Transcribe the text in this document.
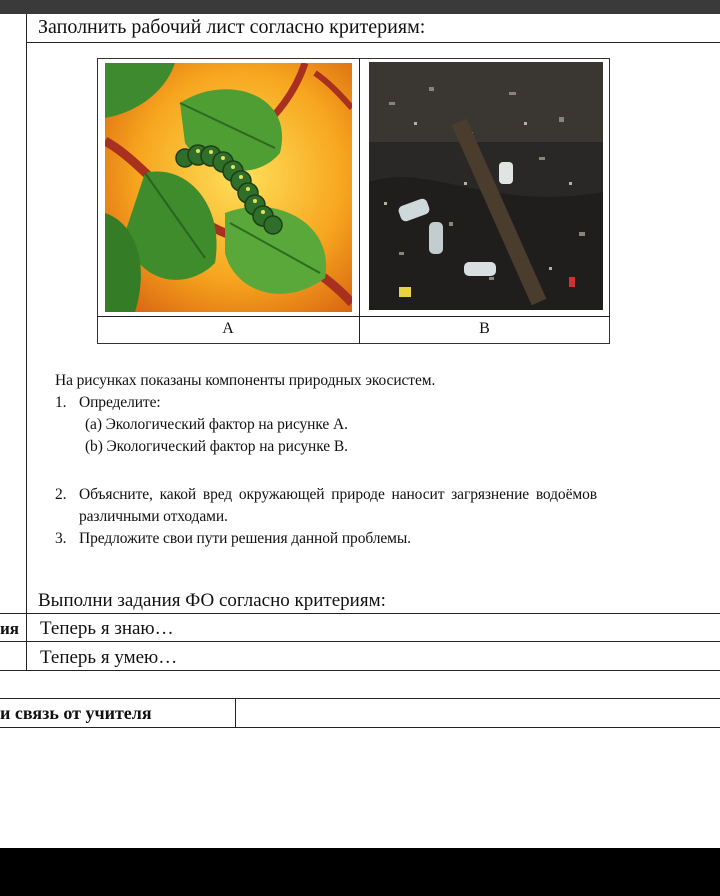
Заполнить рабочий лист согласно критериям:
A	B
На рисунках показаны компоненты природных экосистем.
1. Определите:
(a) Экологический фактор на рисунке А.
(b) Экологический фактор на рисунке В.
2. Объясните, какой вред окружающей природе наносит загрязнение водоёмов
различными отходами.
3. Предложите свои пути решения данной проблемы.
Выполни задания ФО согласно критериям:
ия Теперь я знаю…
Теперь я умею…
и связь от учителя
